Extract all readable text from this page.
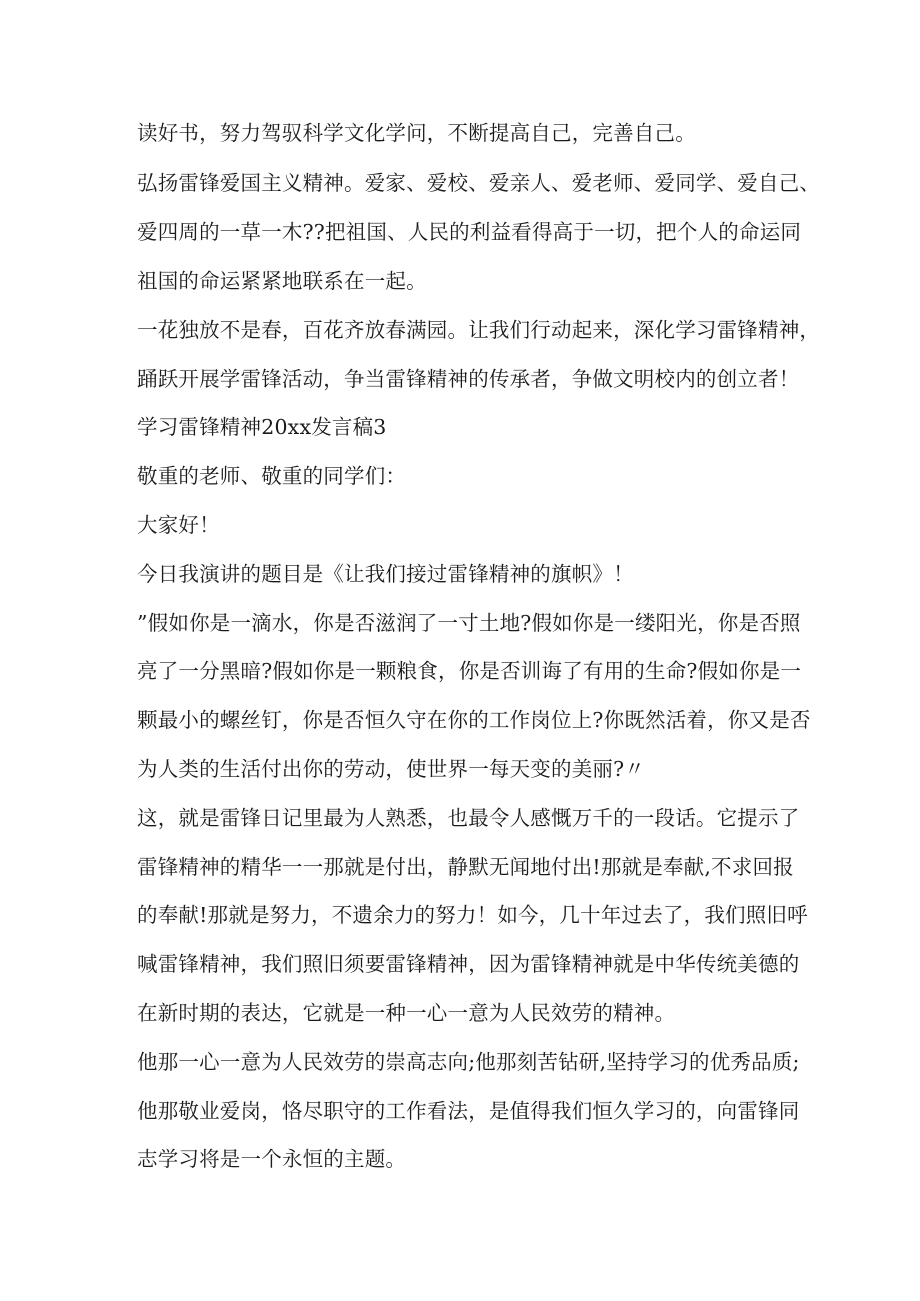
读好书，努力驾驭科学文化学问，不断提高自己，完善自己。
弘扬雷锋爱国主义精神。爱家、爱校、爱亲人、爱老师、爱同学、爱自己、
爱四周的一草一木??把祖国、人民的利益看得高于一切，把个人的命运同
祖国的命运紧紧地联系在一起。
一花独放不是春，百花齐放春满园。让我们行动起来，深化学习雷锋精神，
踊跃开展学雷锋活动，争当雷锋精神的传承者，争做文明校内的创立者！
学习雷锋精神20xx发言稿3
敬重的老师、敬重的同学们：
大家好！
今日我演讲的题目是《让我们接过雷锋精神的旗帜》！
”假如你是一滴水，你是否滋润了一寸土地?假如你是一缕阳光，你是否照
亮了一分黑暗?假如你是一颗粮食，你是否训诲了有用的生命?假如你是一
颗最小的螺丝钉，你是否恒久守在你的工作岗位上?你既然活着，你又是否
为人类的生活付出你的劳动，使世界一每天变的美丽?〃
这，就是雷锋日记里最为人熟悉，也最令人感慨万千的一段话。它提示了
雷锋精神的精华一一那就是付出，静默无闻地付出!那就是奉献,不求回报
的奉献!那就是努力，不遗余力的努力！如今，几十年过去了，我们照旧呼
喊雷锋精神，我们照旧须要雷锋精神，因为雷锋精神就是中华传统美德的
在新时期的表达，它就是一种一心一意为人民效劳的精神。
他那一心一意为人民效劳的崇高志向;他那刻苦钻研,坚持学习的优秀品质;
他那敬业爱岗，恪尽职守的工作看法，是值得我们恒久学习的，向雷锋同
志学习将是一个永恒的主题。
